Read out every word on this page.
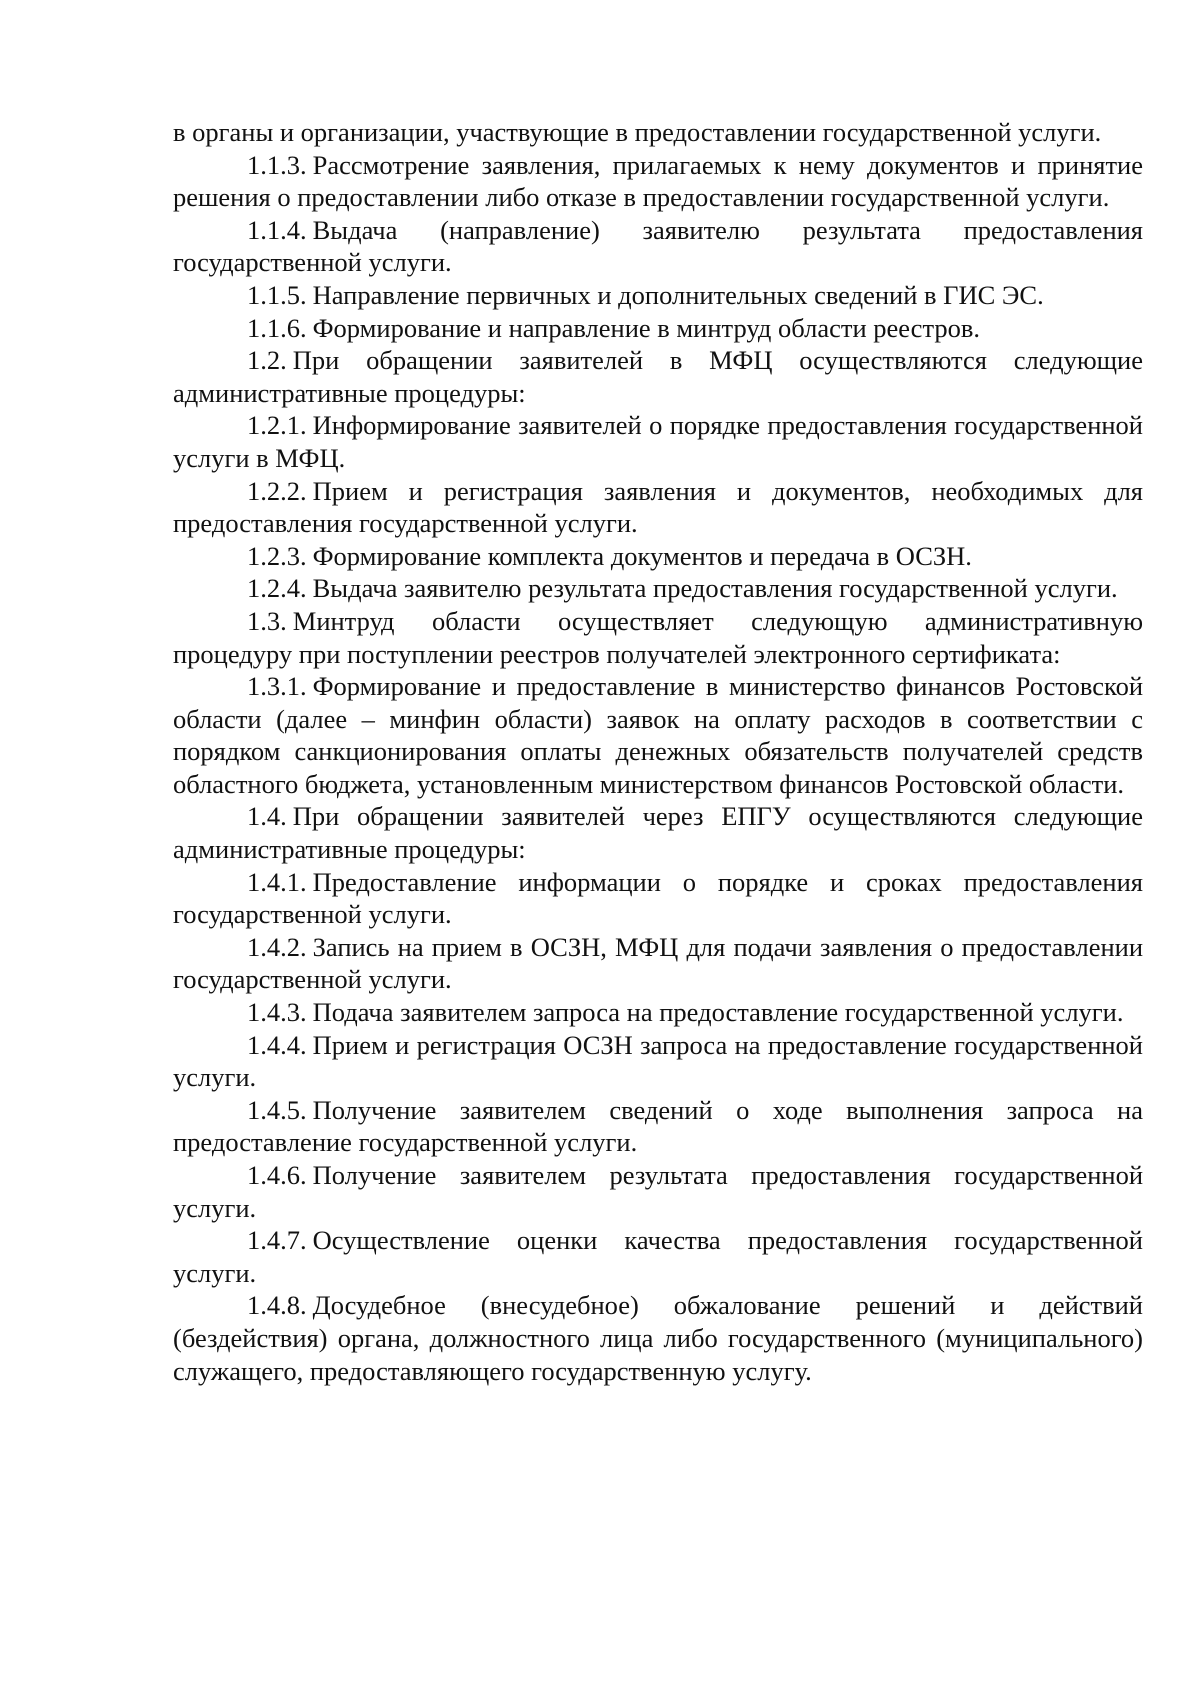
в органы и организации, участвующие в предоставлении государственной услуги.

1.1.3. Рассмотрение заявления, прилагаемых к нему документов и принятие решения о предоставлении либо отказе в предоставлении государственной услуги.

1.1.4. Выдача (направление) заявителю результата предоставления государственной услуги.

1.1.5. Направление первичных и дополнительных сведений в ГИС ЭС.

1.1.6. Формирование и направление в минтруд области реестров.

1.2. При обращении заявителей в МФЦ осуществляются следующие административные процедуры:

1.2.1. Информирование заявителей о порядке предоставления государственной услуги в МФЦ.

1.2.2. Прием и регистрация заявления и документов, необходимых для предоставления государственной услуги.

1.2.3. Формирование комплекта документов и передача в ОСЗН.

1.2.4. Выдача заявителю результата предоставления государственной услуги.

1.3. Минтруд области осуществляет следующую административную процедуру при поступлении реестров получателей электронного сертификата:

1.3.1. Формирование и предоставление в министерство финансов Ростовской области (далее – минфин области) заявок на оплату расходов в соответствии с порядком санкционирования оплаты денежных обязательств получателей средств областного бюджета, установленным министерством финансов Ростовской области.

1.4. При обращении заявителей через ЕПГУ осуществляются следующие административные процедуры:

1.4.1. Предоставление информации о порядке и сроках предоставления государственной услуги.

1.4.2. Запись на прием в ОСЗН, МФЦ для подачи заявления о предоставлении государственной услуги.

1.4.3. Подача заявителем запроса на предоставление государственной услуги.

1.4.4. Прием и регистрация ОСЗН запроса на предоставление государственной услуги.

1.4.5. Получение заявителем сведений о ходе выполнения запроса на предоставление государственной услуги.

1.4.6. Получение заявителем результата предоставления государственной услуги.

1.4.7. Осуществление оценки качества предоставления государственной услуги.

1.4.8. Досудебное (внесудебное) обжалование решений и действий (бездействия) органа, должностного лица либо государственного (муниципального) служащего, предоставляющего государственную услугу.
